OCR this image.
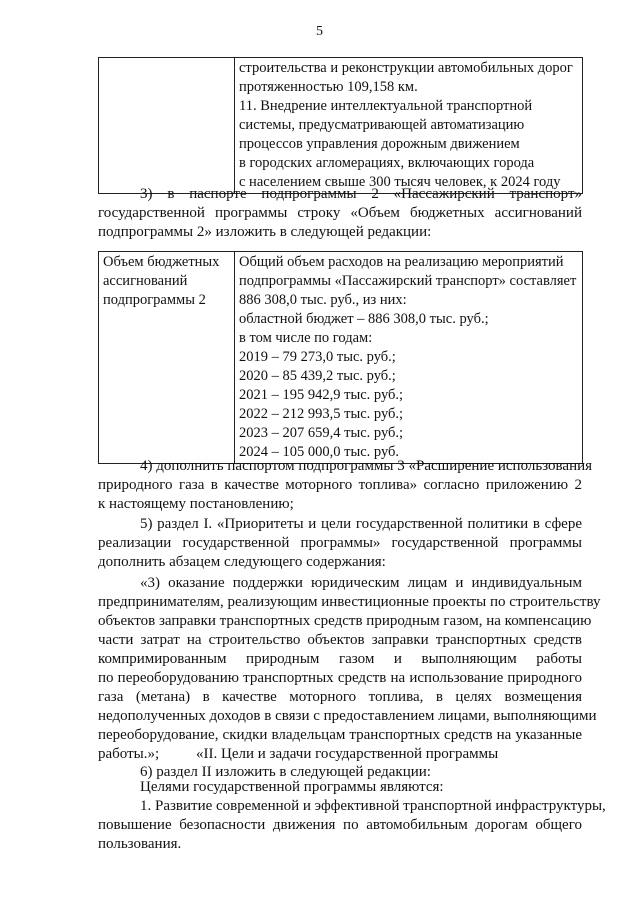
5

строительства и реконструкции автомобильных дорог
протяженностью 109,158 км.
11. Внедрение интеллектуальной транспортной
системы, предусматривающей автоматизацию
процессов управления дорожным движением
в городских агломерациях, включающих города
с населением свыше 300 тысяч человек, к 2024 году
3) в паспорте подпрограммы 2 «Пассажирский транспорт»
государственной программы строку «Объем бюджетных ассигнований
подпрограммы 2» изложить в следующей редакции:
Объем бюджетных
ассигнований
подпрограммы 2

Общий объем расходов на реализацию мероприятий
подпрограммы «Пассажирский транспорт» составляет
886 308,0 тыс. руб., из них:
областной бюджет – 886 308,0 тыс. руб.;
в том числе по годам:
2019 – 79 273,0 тыс. руб.;
2020 – 85 439,2 тыс. руб.;
2021 – 195 942,9 тыс. руб.;
2022 – 212 993,5 тыс. руб.;
2023 – 207 659,4 тыс. руб.;
2024 – 105 000,0 тыс. руб.
4) дополнить паспортом подпрограммы 3 «Расширение использования
природного газа в качестве моторного топлива» согласно приложению 2
к настоящему постановлению;
5) раздел I. «Приоритеты и цели государственной политики в сфере
реализации государственной программы» государственной программы
дополнить абзацем следующего содержания:
«3) оказание поддержки юридическим лицам и индивидуальным
предпринимателям, реализующим инвестиционные проекты по строительству
объектов заправки транспортных средств природным газом, на компенсацию
части затрат на строительство объектов заправки транспортных средств
компримированным природным газом и выполняющим работы
по переоборудованию транспортных средств на использование природного
газа (метана) в качестве моторного топлива, в целях возмещения
недополученных доходов в связи с предоставлением лицами, выполняющими
переоборудование, скидки владельцам транспортных средств на указанные
работы.»;
6) раздел II изложить в следующей редакции:
«II. Цели и задачи государственной программы
Целями государственной программы являются:
1. Развитие современной и эффективной транспортной инфраструктуры,
повышение безопасности движения по автомобильным дорогам общего
пользования.
